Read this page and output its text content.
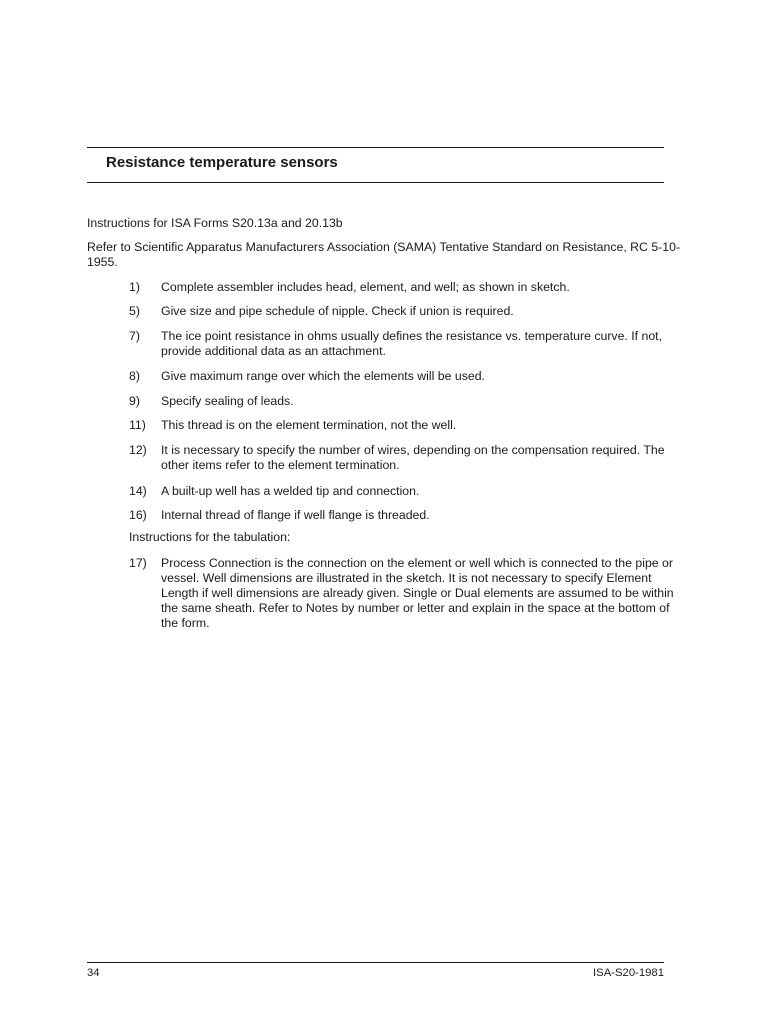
Resistance temperature sensors
Instructions for ISA Forms S20.13a and 20.13b
Refer to Scientific Apparatus Manufacturers Association (SAMA) Tentative Standard on Resistance, RC 5-10-1955.
1) Complete assembler includes head, element, and well; as shown in sketch.
5) Give size and pipe schedule of nipple. Check if union is required.
7) The ice point resistance in ohms usually defines the resistance vs. temperature curve. If not, provide additional data as an attachment.
8) Give maximum range over which the elements will be used.
9) Specify sealing of leads.
11) This thread is on the element termination, not the well.
12) It is necessary to specify the number of wires, depending on the compensation required. The other items refer to the element termination.
14) A built-up well has a welded tip and connection.
16) Internal thread of flange if well flange is threaded.
Instructions for the tabulation:
17) Process Connection is the connection on the element or well which is connected to the pipe or vessel. Well dimensions are illustrated in the sketch. It is not necessary to specify Element Length if well dimensions are already given. Single or Dual elements are assumed to be within the same sheath. Refer to Notes by number or letter and explain in the space at the bottom of the form.
34	ISA-S20-1981
